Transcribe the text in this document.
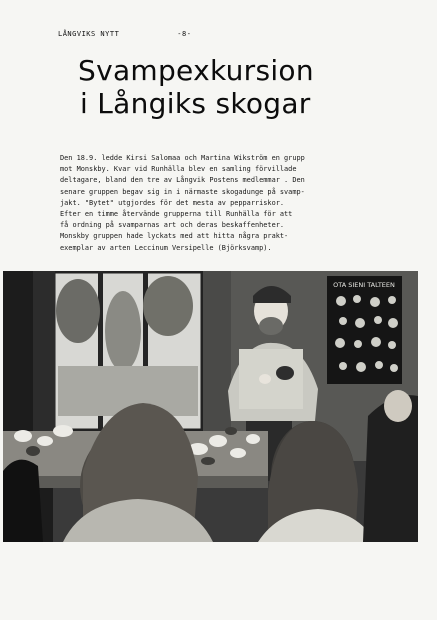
LÅNGVIKS NYTT	-8-
Svampexkursion
i Långiks skogar
Den 18.9. ledde Kirsi Salomaa och Martina Wikström en grupp
mot Monskby. Kvar vid Runhälla blev en samling förvillade
deltagare, bland den tre av Långvik Postens medlemmar . Den
senare gruppen begav sig in i närmaste skogadunge på svamp-
jakt. "Bytet" utgjordes för det mesta av pepparriskor.
Efter en timme återvände grupperna till Runhälla för att
få ordning på svamparnas art och deras beskaffenheter.
Monskby gruppen hade lyckats med att hitta några prakt-
exemplar av arten Leccinum Versipelle (Björksvamp).
OTA SIENI TALTEEN
